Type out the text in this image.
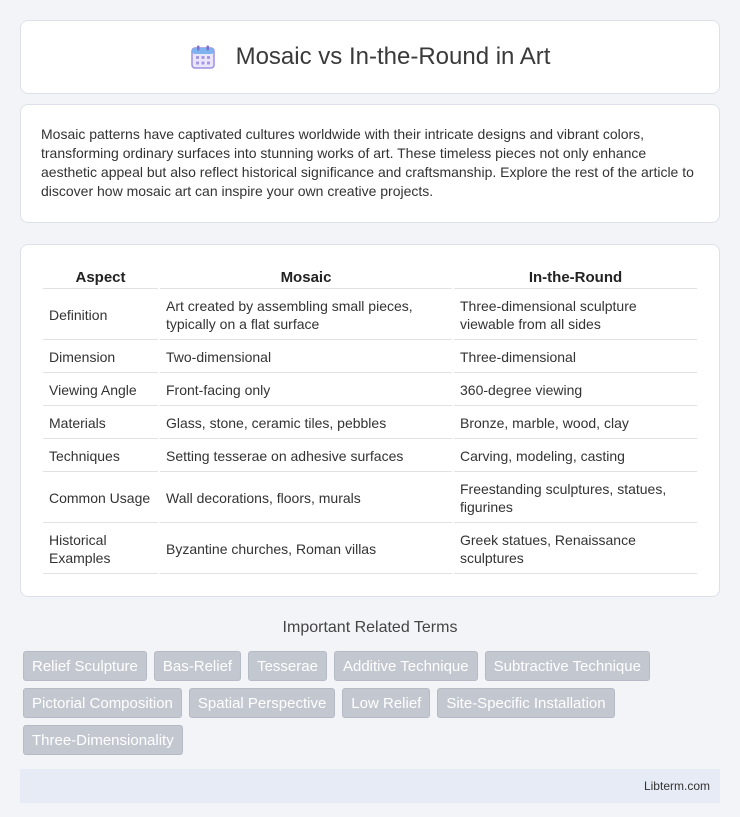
Mosaic vs In-the-Round in Art

Mosaic patterns have captivated cultures worldwide with their intricate designs and vibrant colors, transforming ordinary surfaces into stunning works of art. These timeless pieces not only enhance aesthetic appeal but also reflect historical significance and craftsmanship. Explore the rest of the article to discover how mosaic art can inspire your own creative projects.

Aspect	Mosaic	In-the-Round
Definition	Art created by assembling small pieces, typically on a flat surface	Three-dimensional sculpture viewable from all sides
Dimension	Two-dimensional	Three-dimensional
Viewing Angle	Front-facing only	360-degree viewing
Materials	Glass, stone, ceramic tiles, pebbles	Bronze, marble, wood, clay
Techniques	Setting tesserae on adhesive surfaces	Carving, modeling, casting
Common Usage	Wall decorations, floors, murals	Freestanding sculptures, statues, figurines
Historical Examples	Byzantine churches, Roman villas	Greek statues, Renaissance sculptures
Important Related Terms
Relief Sculpture	Bas-Relief	Tesserae	Additive Technique	Subtractive Technique
Pictorial Composition	Spatial Perspective	Low Relief	Site-Specific Installation
Three-Dimensionality
Libterm.com
